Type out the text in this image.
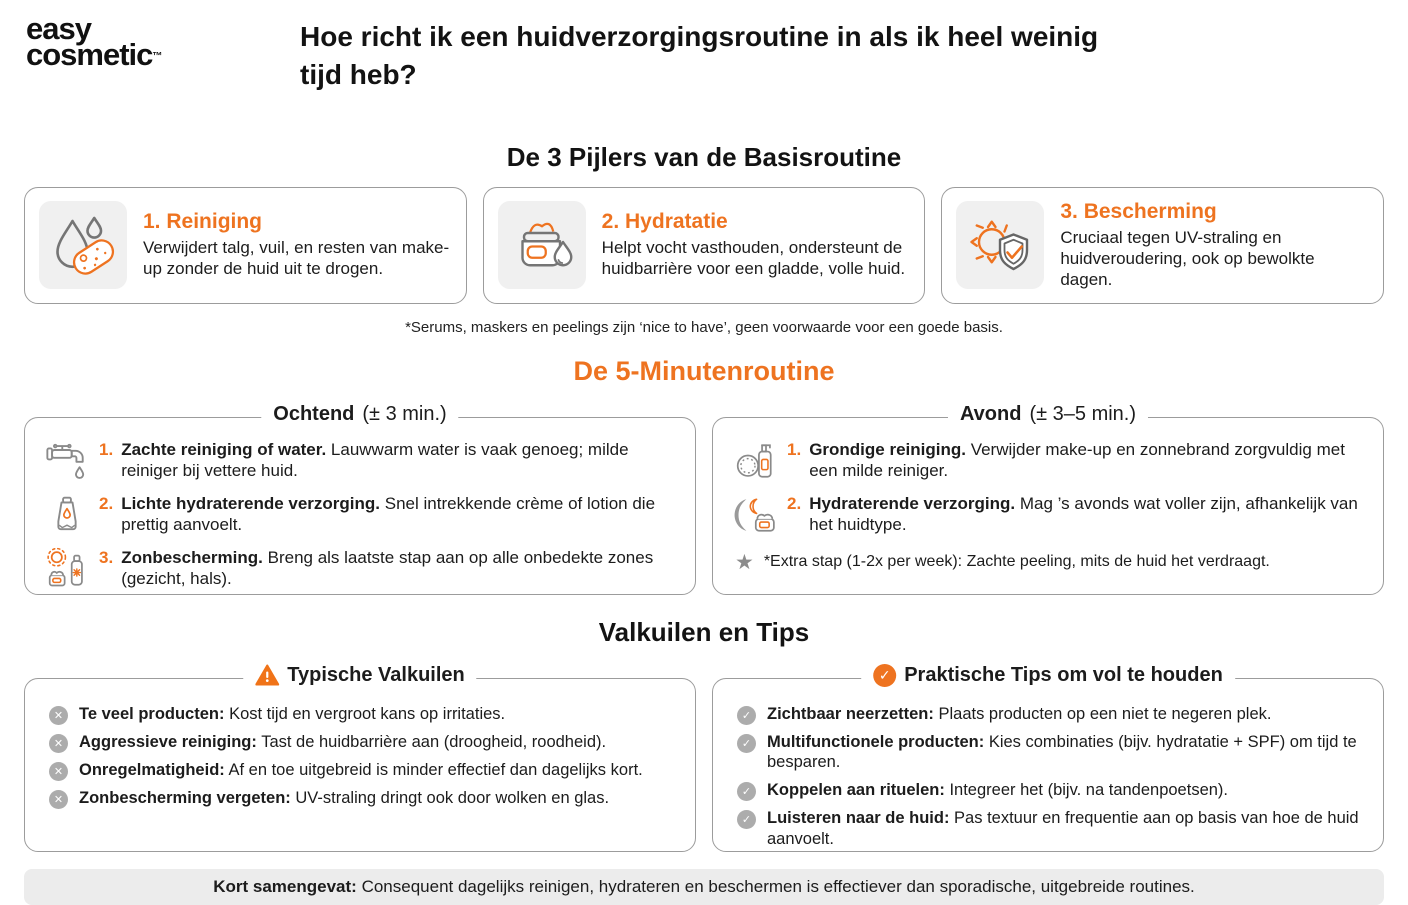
easy
cosmetic™
Hoe richt ik een huidverzorgingsroutine in als ik heel weinig tijd heb?
De 3 Pijlers van de Basisroutine
1. Reiniging

Verwijdert talg, vuil, en resten van make-up zonder de huid uit te drogen.

2. Hydratatie

Helpt vocht vasthouden, ondersteunt de huidbarrière voor een gladde, volle huid.

3. Bescherming

Cruciaal tegen UV-straling en huidveroudering, ook op bewolkte dagen.

*Serums, maskers en peelings zijn ‘nice to have’, geen voorwaarde voor een goede basis.

De 5-Minutenroutine
Ochtend (± 3 min.)
1. Zachte reiniging of water. Lauwwarm water is vaak genoeg; milde reiniger bij vettere huid.

2. Lichte hydraterende verzorging. Snel intrekkende crème of lotion die prettig aanvoelt.

3. Zonbescherming. Breng als laatste stap aan op alle onbedekte zones (gezicht, hals).

Avond (± 3–5 min.)
1. Grondige reiniging. Verwijder make-up en zonnebrand zorgvuldig met een milde reiniger.

2. Hydraterende verzorging. Mag ’s avonds wat voller zijn, afhankelijk van het huidtype.

★ *Extra stap (1-2x per week): Zachte peeling, mits de huid het verdraagt.
Valkuilen en Tips
Typische Valkuilen
✕ Te veel producten: Kost tijd en vergroot kans op irritaties.

✕ Aggressieve reiniging: Tast de huidbarrière aan (droogheid, roodheid).

✕ Onregelmatigheid: Af en toe uitgebreid is minder effectief dan dagelijks kort.

✕ Zonbescherming vergeten: UV-straling dringt ook door wolken en glas.

✓ Praktische Tips om vol te houden
✓ Zichtbaar neerzetten: Plaats producten op een niet te negeren plek.

✓ Multifunctionele producten: Kies combinaties (bijv. hydratatie + SPF) om tijd te besparen.

✓ Koppelen aan rituelen: Integreer het (bijv. na tandenpoetsen).

✓ Luisteren naar de huid: Pas textuur en frequentie aan op basis van hoe de huid aanvoelt.

Kort samengevat: Consequent dagelijks reinigen, hydrateren en beschermen is effectiever dan sporadische, uitgebreide routines.
